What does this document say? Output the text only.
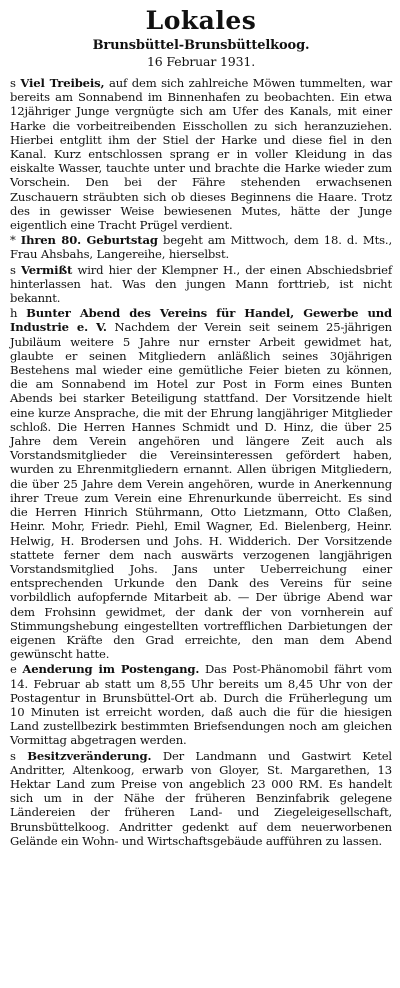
Lokales
Brunsbüttel-Brunsbüttelkoog.
16 Februar 1931.

s Viel Treibeis, auf dem sich zahlreiche Möwen tummelten, war bereits am Sonnabend im Binnenhafen zu beobachten. Ein etwa 12jähriger Junge vergnügte sich am Ufer des Kanals, mit einer Harke die vorbeitreibenden Eisschollen zu sich heranzuziehen. Hierbei entglitt ihm der Stiel der Harke und diese fiel in den Kanal. Kurz entschlossen sprang er in voller Kleidung in das eiskalte Wasser, tauchte unter und brachte die Harke wieder zum Vorschein. Den bei der Fähre stehenden erwachsenen Zuschauern sträubten sich ob dieses Beginnens die Haare. Trotz des in gewisser Weise bewiesenen Mutes, hätte der Junge eigentlich eine Tracht Prügel verdient.

* Ihren 80. Geburtstag begeht am Mittwoch, dem 18. d. Mts., Frau Ahsbahs, Langereihe, hierselbst.

s Vermißt wird hier der Klempner H., der einen Abschiedsbrief hinterlassen hat. Was den jungen Mann forttrieb, ist nicht bekannt.

h Bunter Abend des Vereins für Handel, Gewerbe und Industrie e. V. Nachdem der Verein seit seinem 25-jährigen Jubiläum weitere 5 Jahre nur ernster Arbeit gewidmet hat, glaubte er seinen Mitgliedern anläßlich seines 30jährigen Bestehens mal wieder eine gemütliche Feier bieten zu können, die am Sonnabend im Hotel zur Post in Form eines Bunten Abends bei starker Beteiligung stattfand. Der Vorsitzende hielt eine kurze Ansprache, die mit der Ehrung langjähriger Mitglieder schloß. Die Herren Hannes Schmidt und D. Hinz, die über 25 Jahre dem Verein angehören und längere Zeit auch als Vorstandsmitglieder die Vereinsinteressen gefördert haben, wurden zu Ehrenmitgliedern ernannt. Allen übrigen Mitgliedern, die über 25 Jahre dem Verein angehören, wurde in Anerkennung ihrer Treue zum Verein eine Ehrenurkunde überreicht. Es sind die Herren Hinrich Stührmann, Otto Lietzmann, Otto Claßen, Heinr. Mohr, Friedr. Piehl, Emil Wagner, Ed. Bielenberg, Heinr. Helwig, H. Brodersen und Johs. H. Widderich. Der Vorsitzende stattete ferner dem nach auswärts verzogenen langjährigen Vorstandsmitglied Johs. Jans unter Ueberreichung einer entsprechenden Urkunde den Dank des Vereins für seine vorbildlich aufopfernde Mitarbeit ab. — Der übrige Abend war dem Frohsinn gewidmet, der dank der von vornherein auf Stimmungshebung eingestellten vortrefflichen Darbietungen der eigenen Kräfte den Grad erreichte, den man dem Abend gewünscht hatte.

e Aenderung im Postengang. Das Post-Phänomobil fährt vom 14. Februar ab statt um 8,55 Uhr bereits um 8,45 Uhr von der Postagentur in Brunsbüttel-Ort ab. Durch die Früherlegung um 10 Minuten ist erreicht worden, daß auch die für die hiesigen Land zustellbezirk bestimmten Briefsendungen noch am gleichen Vormittag abgetragen werden.

s Besitzveränderung. Der Landmann und Gastwirt Ketel Andritter, Altenkoog, erwarb von Gloyer, St. Margarethen, 13 Hektar Land zum Preise von angeblich 23 000 RM. Es handelt sich um in der Nähe der früheren Benzinfabrik gelegene Ländereien der früheren Land- und Ziegeleigesellschaft, Brunsbüttelkoog. Andritter gedenkt auf dem neuerworbenen Gelände ein Wohn- und Wirtschaftsgebäude aufführen zu lassen.
